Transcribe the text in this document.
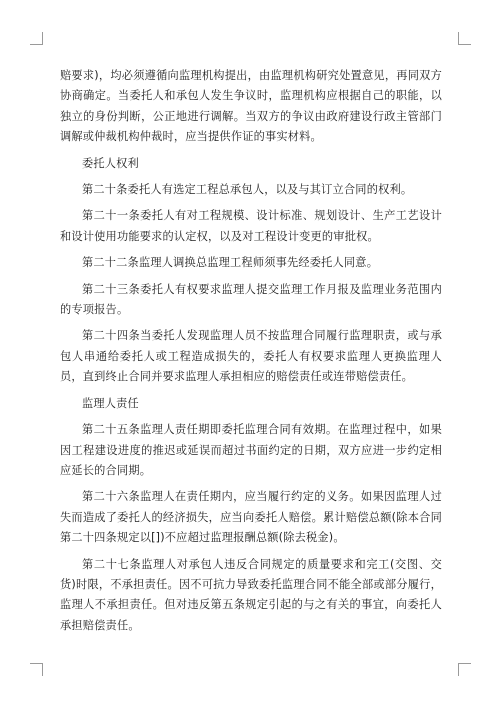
赔要求)，均必须遵循向监理机构提出，由监理机构研究处置意见，再同双方协商确定。当委托人和承包人发生争议时，监理机构应根据自己的职能，以独立的身份判断，公正地进行调解。当双方的争议由政府建设行政主管部门调解或仲裁机构仲裁时，应当提供作证的事实材料。

委托人权利

第二十条委托人有选定工程总承包人，以及与其订立合同的权利。

第二十一条委托人有对工程规模、设计标准、规划设计、生产工艺设计和设计使用功能要求的认定权，以及对工程设计变更的审批权。

第二十二条监理人调换总监理工程师须事先经委托人同意。

第二十三条委托人有权要求监理人提交监理工作月报及监理业务范围内的专项报告。

第二十四条当委托人发现监理人员不按监理合同履行监理职责，或与承包人串通给委托人或工程造成损失的，委托人有权要求监理人更换监理人员，直到终止合同并要求监理人承担相应的赔偿责任或连带赔偿责任。

监理人责任

第二十五条监理人责任期即委托监理合同有效期。在监理过程中，如果因工程建设进度的推迟或延误而超过书面约定的日期，双方应进一步约定相应延长的合同期。

第二十六条监理人在责任期内，应当履行约定的义务。如果因监理人过失而造成了委托人的经济损失，应当向委托人赔偿。累计赔偿总额(除本合同第二十四条规定以[])不应超过监理报酬总额(除去税金)。

第二十七条监理人对承包人违反合同规定的质量要求和完工(交图、交货)时限，不承担责任。因不可抗力导致委托监理合同不能全部或部分履行，监理人不承担责任。但对违反第五条规定引起的与之有关的事宜，向委托人承担赔偿责任。
